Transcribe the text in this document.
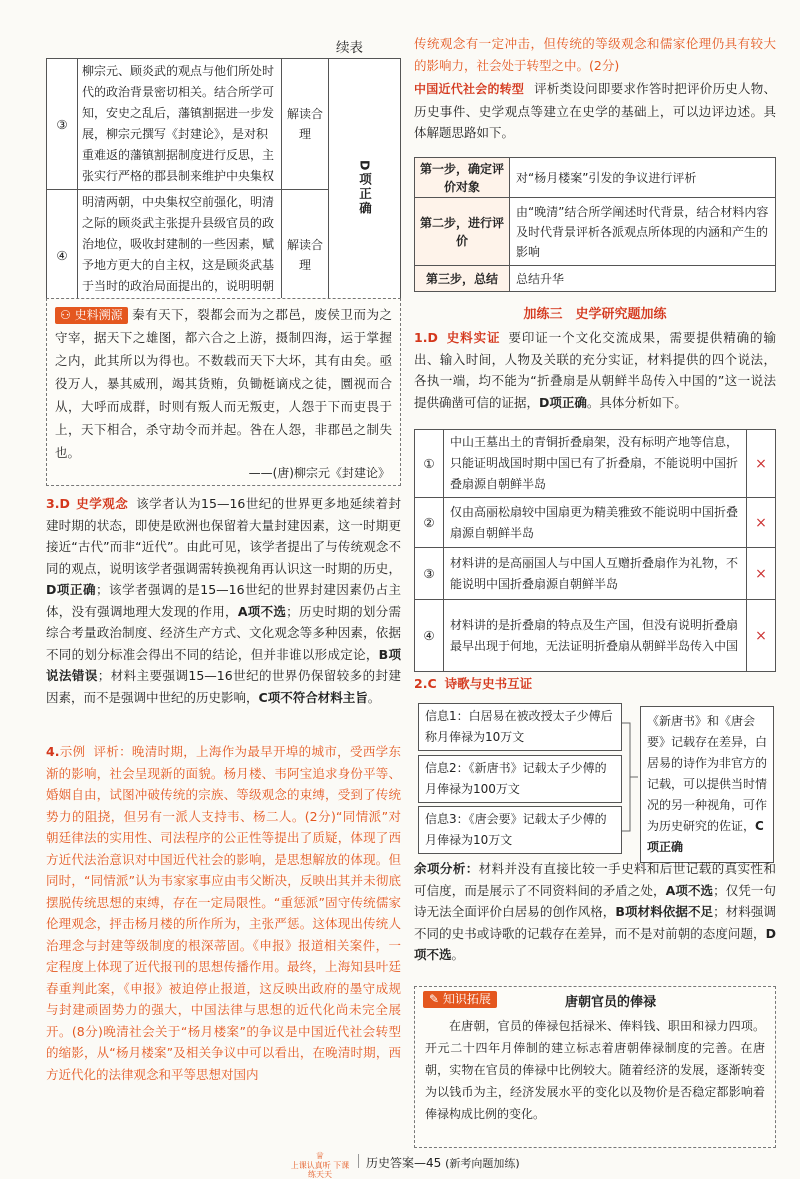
续表
③	柳宗元、顾炎武的观点与他们所处时代的政治背景密切相关。结合所学可知，安史之乱后，藩镇割据进一步发展，柳宗元撰写《封建论》，是对积重难返的藩镇割据制度进行反思，主张实行严格的郡县制来维护中央集权	解读合理	D项正确
④	明清两朝，中央集权空前强化，明清之际的顾炎武主张提升县级官员的政治地位，吸收封建制的一些因素，赋予地方更大的自主权，这是顾炎武基于当时的政治局面提出的，说明明朝	解读合理	
⚇ 史料溯源 秦有天下，裂都会而为之郡邑，废侯卫而为之守宰，据天下之雄图，都六合之上游，摄制四海，运于掌握之内，此其所以为得也。不数载而天下大坏，其有由矣。亟役万人，暴其威刑，竭其货贿，负锄梃谪戍之徒，圜视而合从，大呼而成群，时则有叛人而无叛吏，人怨于下而吏畏于上，天下相合，杀守劫令而并起。咎在人怨，非郡邑之制失也。
——(唐)柳宗元《封建论》

3.D 史学观念 该学者认为15—16世纪的世界更多地延续着封建时期的状态，即使是欧洲也保留着大量封建因素，这一时期更接近“古代”而非“近代”。由此可见，该学者提出了与传统观念不同的观点，说明该学者强调需转换视角再认识这一时期的历史，D项正确；该学者强调的是15—16世纪的世界封建因素仍占主体，没有强调地理大发现的作用，A项不选；历史时期的划分需综合考量政治制度、经济生产方式、文化观念等多种因素，依据不同的划分标准会得出不同的结论，但并非谁以形成定论，B项说法错误；材料主要强调15—16世纪的世界仍保留较多的封建因素，而不是强调中世纪的历史影响，C项不符合材料主旨。

4.示例 评析：晚清时期，上海作为最早开埠的城市，受西学东渐的影响，社会呈现新的面貌。杨月楼、韦阿宝追求身份平等、婚姻自由，试图冲破传统的宗族、等级观念的束缚，受到了传统势力的阻挠，但另有一派人支持韦、杨二人。(2分)“同情派”对朝廷律法的实用性、司法程序的公正性等提出了质疑，体现了西方近代法治意识对中国近代社会的影响，是思想解放的体现。但同时，“同情派”认为韦家家事应由韦父断决，反映出其并未彻底摆脱传统思想的束缚，存在一定局限性。“重惩派”固守传统儒家伦理观念，抨击杨月楼的所作所为，主张严惩。这体现出传统人治理念与封建等级制度的根深蒂固。《申报》报道相关案件，一定程度上体现了近代报刊的思想传播作用。最终，上海知县叶廷春重判此案，《申报》被迫停止报道，这反映出政府的墨守成规与封建顽固势力的强大，中国法律与思想的近代化尚未完全展开。(8分)晚清社会关于“杨月楼案”的争议是中国近代社会转型的缩影，从“杨月楼案”及相关争议中可以看出，在晚清时期，西方近代化的法律观念和平等思想对国内

传统观念有一定冲击，但传统的等级观念和儒家伦理仍具有较大的影响力，社会处于转型之中。(2分)

中国近代社会的转型 评析类设问即要求作答时把评价历史人物、历史事件、史学观点等建立在史学的基础上，可以边评边述。具体解题思路如下。

第一步，确定评价对象	对“杨月楼案”引发的争议进行评析
第二步，进行评价	由“晚清”结合所学阐述时代背景，结合材料内容及时代背景评析各派观点所体现的内涵和产生的影响
第三步，总结	总结升华
加练三　史学研究题加练

1.D 史料实证 要印证一个文化交流成果，需要提供精确的输出、输入时间，人物及关联的充分实证，材料提供的四个说法，各执一端，均不能为“折叠扇是从朝鲜半岛传入中国的”这一说法提供确凿可信的证据，D项正确。具体分析如下。

①	中山王墓出土的青铜折叠扇架，没有标明产地等信息，只能证明战国时期中国已有了折叠扇，不能说明中国折叠扇源自朝鲜半岛	×
②	仅由高丽松扇较中国扇更为精美雅致不能说明中国折叠扇源自朝鲜半岛	×
③	材料讲的是高丽国人与中国人互赠折叠扇作为礼物，不能说明中国折叠扇源自朝鲜半岛	×
④	材料讲的是折叠扇的特点及生产国，但没有说明折叠扇最早出现于何地，无法证明折叠扇从朝鲜半岛传入中国	×

2.C 诗歌与史书互证

信息1：白居易在被改授太子少傅后称月俸禄为10万文
信息2：《新唐书》记载太子少傅的月俸禄为100万文
信息3：《唐会要》记载太子少傅的月俸禄为10万文
《新唐书》和《唐会要》记载存在差异，白居易的诗作为非官方的记载，可以提供当时情况的另一种视角，可作为历史研究的佐证，C项正确

余项分析：材料并没有直接比较一手史料和后世记载的真实性和可信度，而是展示了不同资料间的矛盾之处，A项不选；仅凭一句诗无法全面评价白居易的创作风格，B项材料依据不足；材料强调不同的史书或诗歌的记载存在差异，而不是对前朝的态度问题，D项不选。

✎ 知识拓展	唐朝官员的俸禄
在唐朝，官员的俸禄包括禄米、俸料钱、职田和禄力四项。开元二十四年月俸制的建立标志着唐朝俸禄制度的完善。在唐朝，实物在官员的俸禄中比例较大。随着经济的发展，逐渐转变为以钱币为主，经济发展水平的变化以及物价是否稳定都影响着俸禄构成比例的变化。
♕
上课认真听 下课练天天
历史答案—45 (新考向题加练)
